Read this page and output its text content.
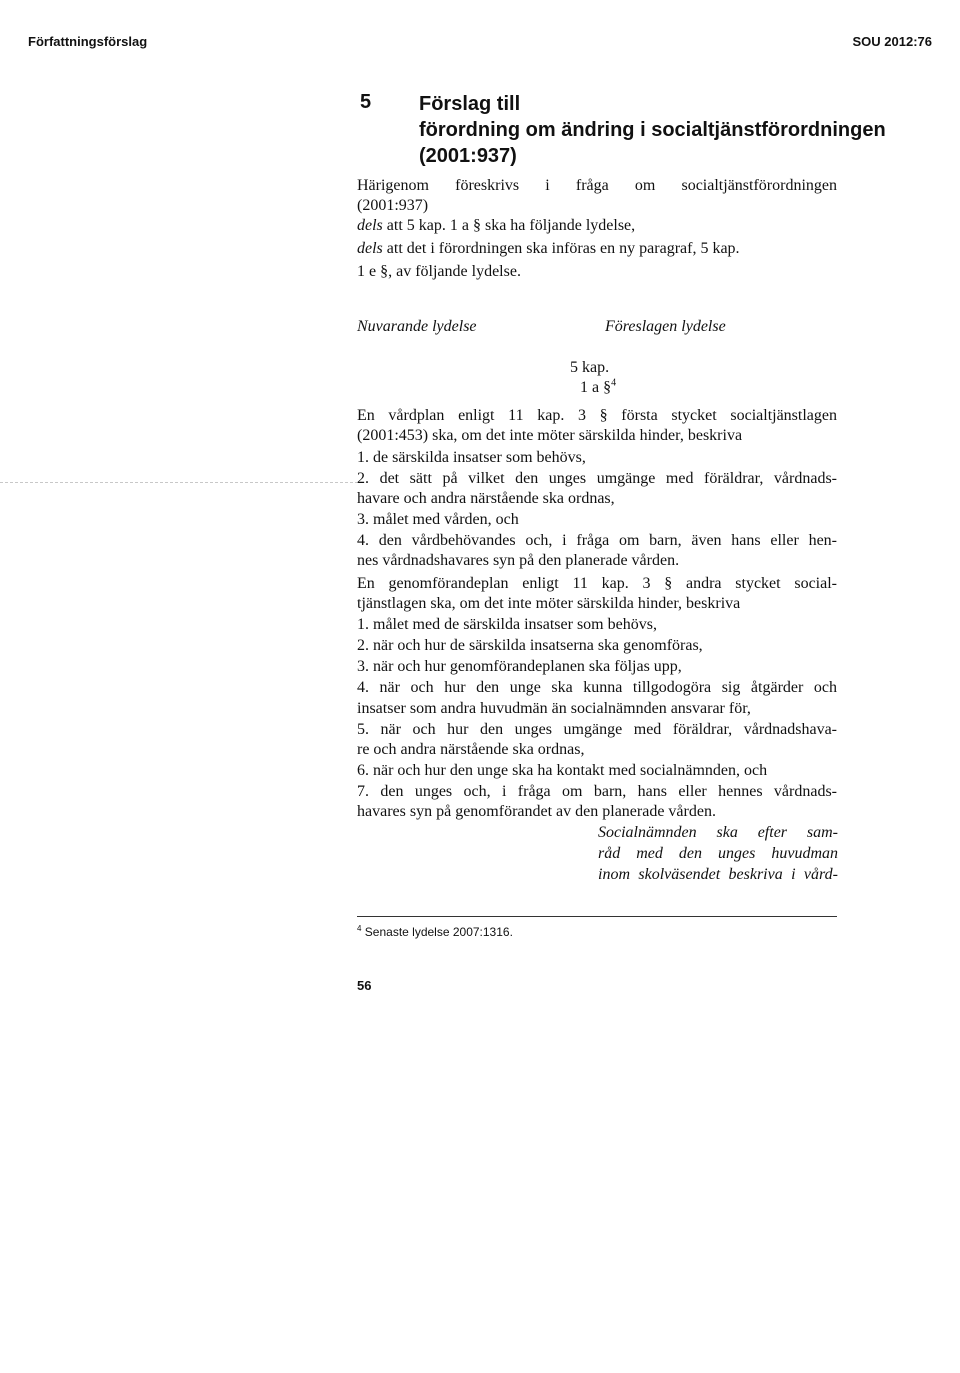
Författningsförslag	SOU 2012:76
5 Förslag till
förordning om ändring i socialtjänstförordningen
(2001:937)
Härigenom föreskrivs i fråga om socialtjänstförordningen
(2001:937)
dels att 5 kap. 1 a § ska ha följande lydelse,
dels att det i förordningen ska införas en ny paragraf, 5 kap.
1 e §, av följande lydelse.
Nuvarande lydelse	Föreslagen lydelse
5 kap.
1 a §$^4$
En vårdplan enligt 11 kap. 3 § första stycket socialtjänstlagen
(2001:453) ska, om det inte möter särskilda hinder, beskriva
1. de särskilda insatser som behövs,
2. det sätt på vilket den unges umgänge med föräldrar, vårdnads-
havare och andra närstående ska ordnas,
3. målet med vården, och
4. den vårdbehövandes och, i fråga om barn, även hans eller hen-
nes vårdnadshavares syn på den planerade vården.
En genomförandeplan enligt 11 kap. 3 § andra stycket social-
tjänstlagen ska, om det inte möter särskilda hinder, beskriva
1. målet med de särskilda insatser som behövs,
2. när och hur de särskilda insatserna ska genomföras,
3. när och hur genomförandeplanen ska följas upp,
4. när och hur den unge ska kunna tillgodogöra sig åtgärder och
insatser som andra huvudmän än socialnämnden ansvarar för,
5. när och hur den unges umgänge med föräldrar, vårdnadshava-
re och andra närstående ska ordnas,
6. när och hur den unge ska ha kontakt med socialnämnden, och
7. den unges och, i fråga om barn, hans eller hennes vårdnads-
havares syn på genomförandet av den planerade vården.
Socialnämnden ska efter sam-
råd med den unges huvudman
inom skolväsendet beskriva i vård-
$^4$ Senaste lydelse 2007:1316.
56
